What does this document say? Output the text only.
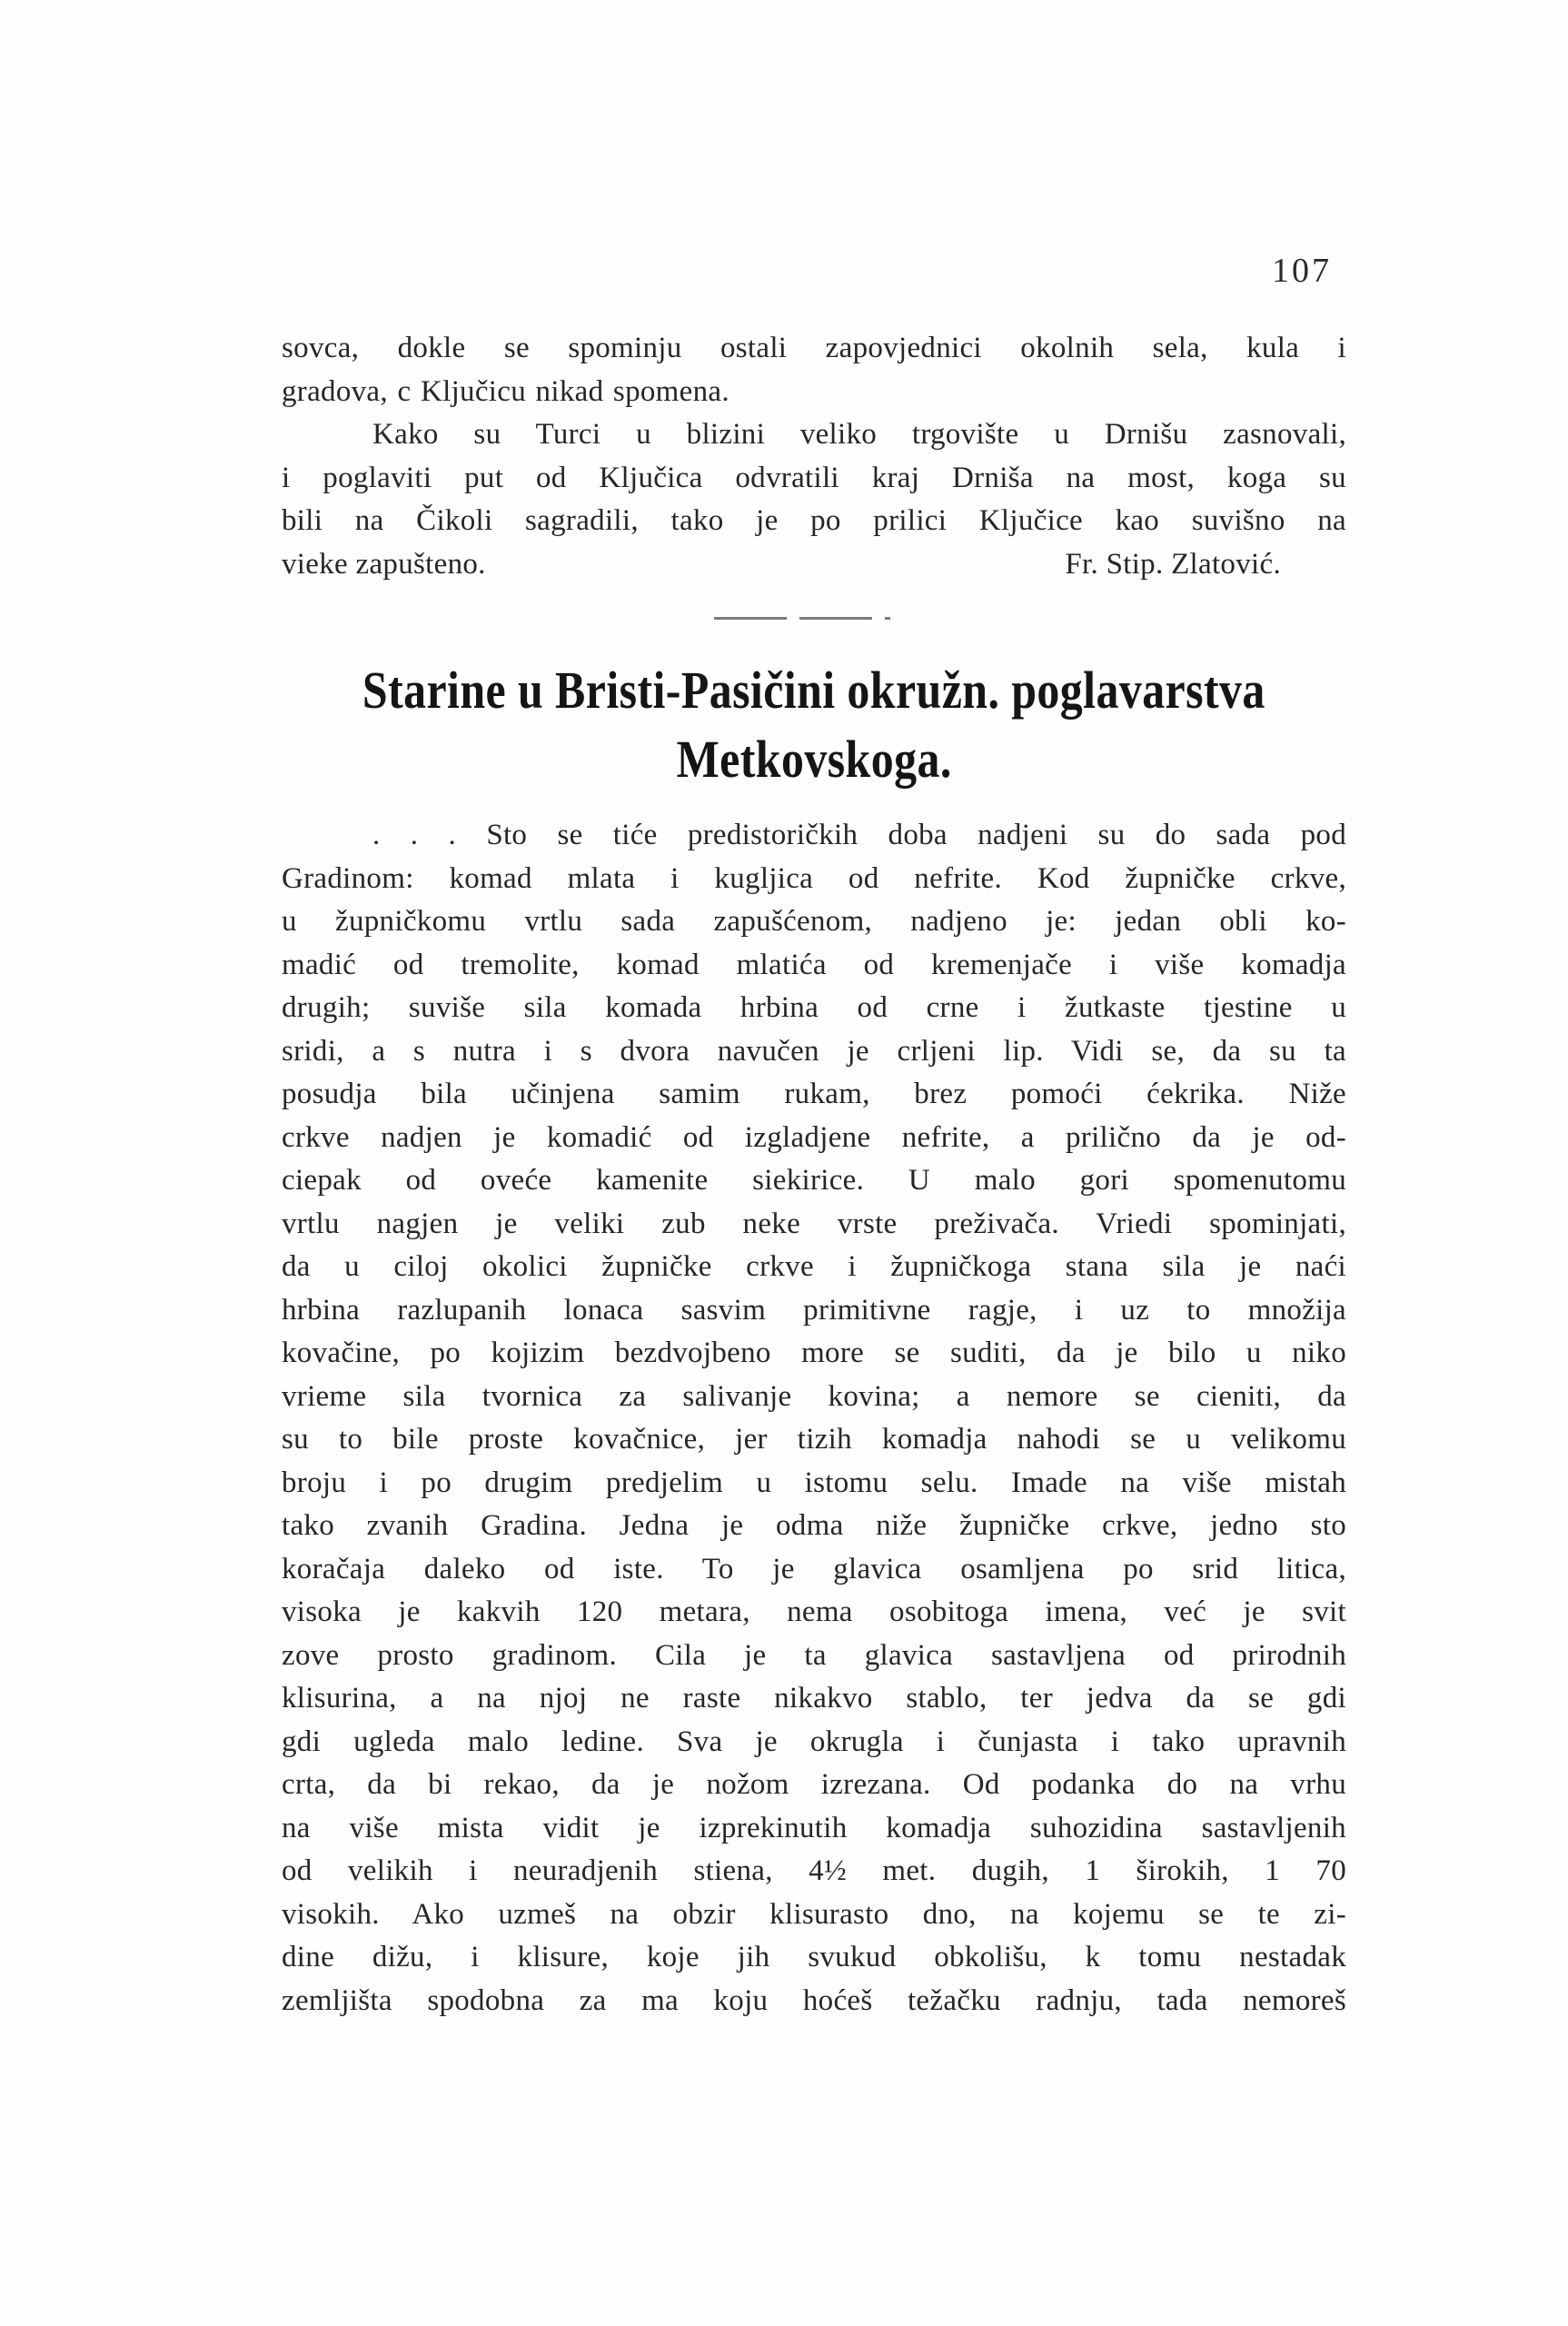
107
sovca, dokle se spominju ostali zapovjednici okolnih sela, kula i
gradova, c Ključicu nikad spomena.
Kako su Turci u blizini veliko trgovište u Drnišu zasnovali,
i poglaviti put od Ključica odvratili kraj Drniša na most, koga su
bili na Čikoli sagradili, tako je po prilici Ključice kao suvišno na
vieke zapušteno.	Fr. Stip. Zlatović.
Starine u Bristi-Pasičini okružn. poglavarstva
Metkovskoga.
. . . Sto se tiće predistoričkih doba nadjeni su do sada pod
Gradinom: komad mlata i kugljica od nefrite. Kod župničke crkve,
u župničkomu vrtlu sada zapušćenom, nadjeno je: jedan obli ko-
madić od tremolite, komad mlatića od kremenjače i više komadja
drugih; suviše sila komada hrbina od crne i žutkaste tjestine u
sridi, a s nutra i s dvora navučen je crljeni lip. Vidi se, da su ta
posudja bila učinjena samim rukam, brez pomoći ćekrika. Niže
crkve nadjen je komadić od izgladjene nefrite, a prilično da je od-
ciepak od oveće kamenite siekirice. U malo gori spomenutomu
vrtlu nagjen je veliki zub neke vrste preživača. Vriedi spominjati,
da u ciloj okolici župničke crkve i župničkoga stana sila je naći
hrbina razlupanih lonaca sasvim primitivne ragje, i uz to množija
kovačine, po kojizim bezdvojbeno more se suditi, da je bilo u niko
vrieme sila tvornica za salivanje kovina; a nemore se cieniti, da
su to bile proste kovačnice, jer tizih komadja nahodi se u velikomu
broju i po drugim predjelim u istomu selu. Imade na više mistah
tako zvanih Gradina. Jedna je odma niže župničke crkve, jedno sto
koračaja daleko od iste. To je glavica osamljena po srid litica,
visoka je kakvih 120 metara, nema osobitoga imena, već je svit
zove prosto gradinom. Cila je ta glavica sastavljena od prirodnih
klisurina, a na njoj ne raste nikakvo stablo, ter jedva da se gdi
gdi ugleda malo ledine. Sva je okrugla i čunjasta i tako upravnih
crta, da bi rekao, da je nožom izrezana. Od podanka do na vrhu
na više mista vidit je izprekinutih komadja suhozidina sastavljenih
od velikih i neuradjenih stiena, 4½ met. dugih, 1 širokih, 1 70
visokih. Ako uzmeš na obzir klisurasto dno, na kojemu se te zi-
dine dižu, i klisure, koje jih svukud obkolišu, k tomu nestadak
zemljišta spodobna za ma koju hoćeš težačku radnju, tada nemoreš
